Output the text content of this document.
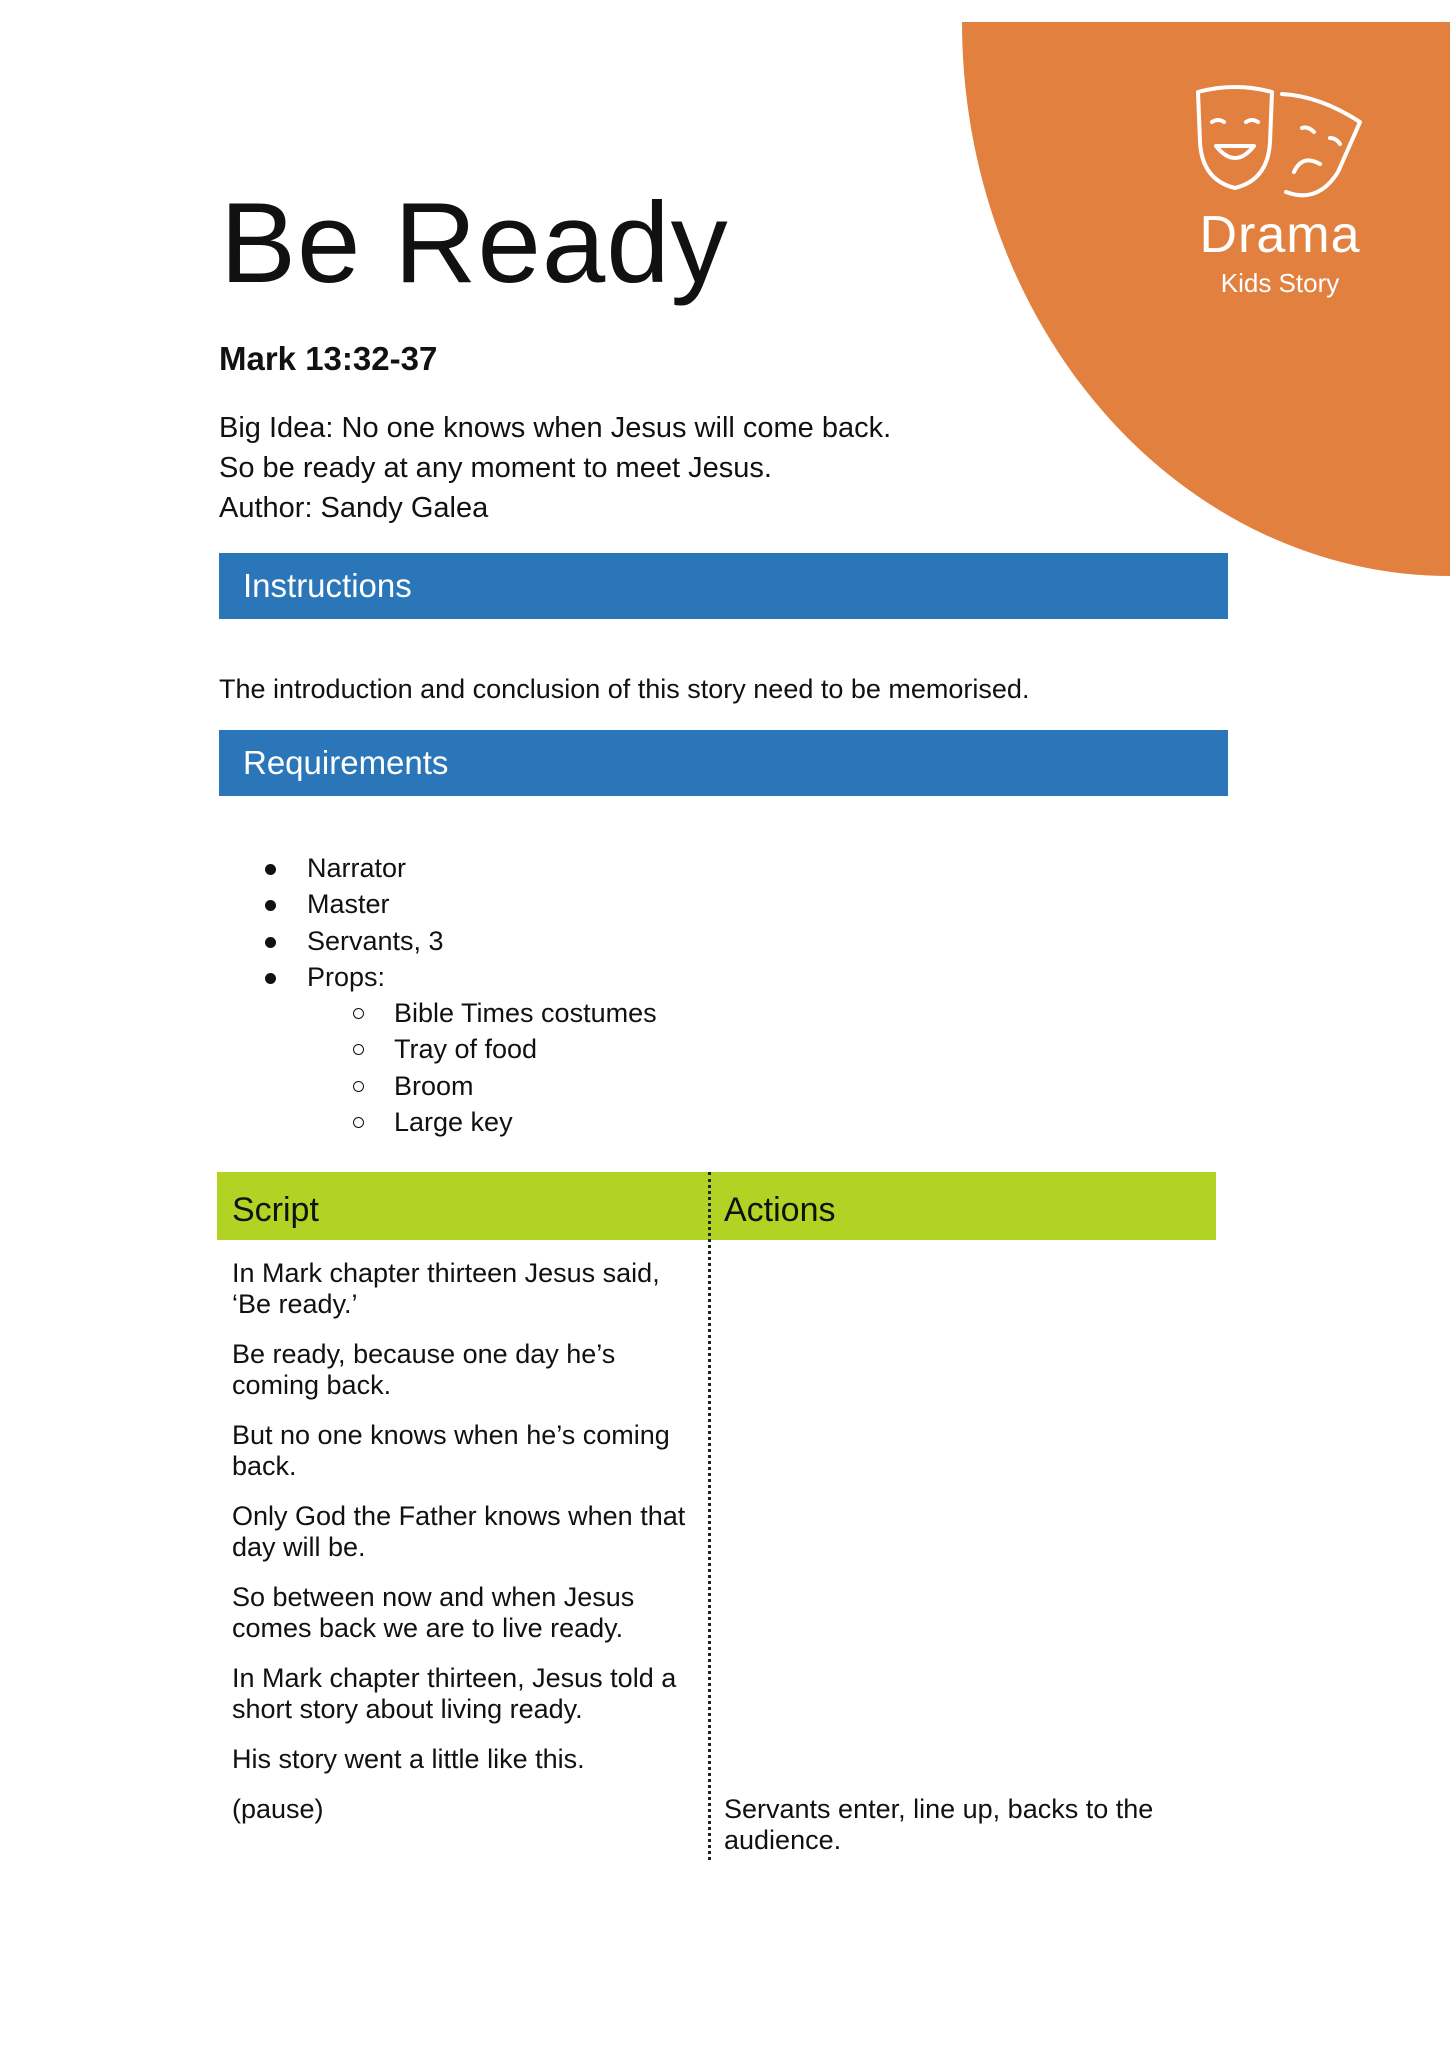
Drama
Kids Story
Be Ready

Mark 13:32-37

Big Idea: No one knows when Jesus will come back.
So be ready at any moment to meet Jesus.
Author: Sandy Galea
Instructions

The introduction and conclusion of this story need to be memorised.

Requirements
Narrator
Master
Servants, 3
Props:
Bible Times costumes
Tray of food
Broom
Large key
Script	Actions
In Mark chapter thirteen Jesus said, ‘Be ready.’
Be ready, because one day he’s coming back.
But no one knows when he’s coming back.
Only God the Father knows when that day will be.
So between now and when Jesus comes back we are to live ready.
In Mark chapter thirteen, Jesus told a short story about living ready.
His story went a little like this.
(pause)	Servants enter, line up, backs to the audience.
